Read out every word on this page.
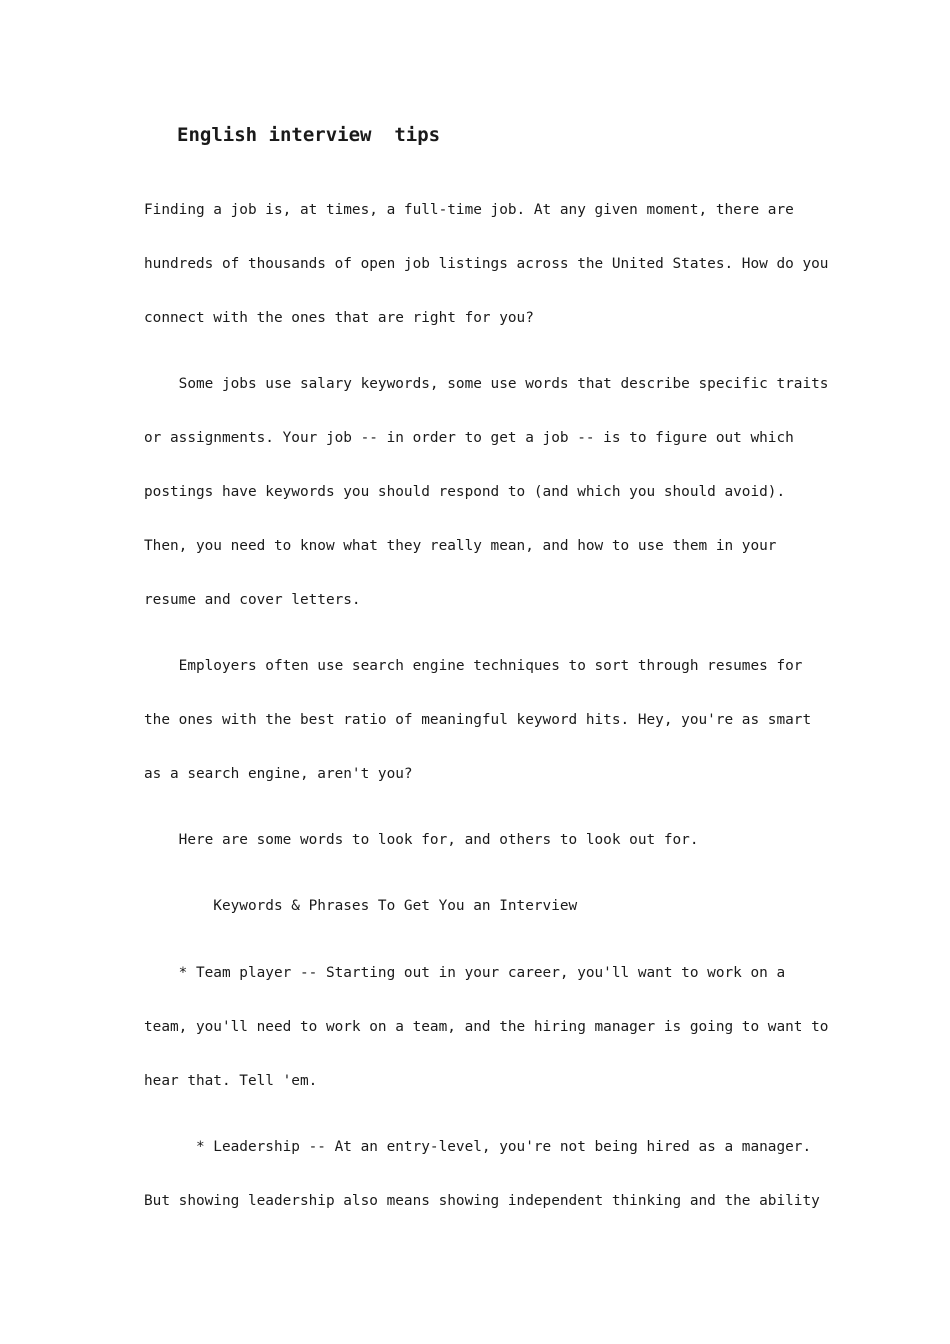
English interview  tips

Finding a job is, at times, a full-time job. At any given moment, there are

hundreds of thousands of open job listings across the United States. How do you

connect with the ones that are right for you?

Some jobs use salary keywords, some use words that describe specific traits

or assignments. Your job -- in order to get a job -- is to figure out which

postings have keywords you should respond to (and which you should avoid).

Then, you need to know what they really mean, and how to use them in your

resume and cover letters.

Employers often use search engine techniques to sort through resumes for

the ones with the best ratio of meaningful keyword hits. Hey, you're as smart

as a search engine, aren't you?

Here are some words to look for, and others to look out for.

Keywords & Phrases To Get You an Interview

* Team player -- Starting out in your career, you'll want to work on a

team, you'll need to work on a team, and the hiring manager is going to want to

hear that. Tell 'em.

* Leadership -- At an entry-level, you're not being hired as a manager.

But showing leadership also means showing independent thinking and the ability
